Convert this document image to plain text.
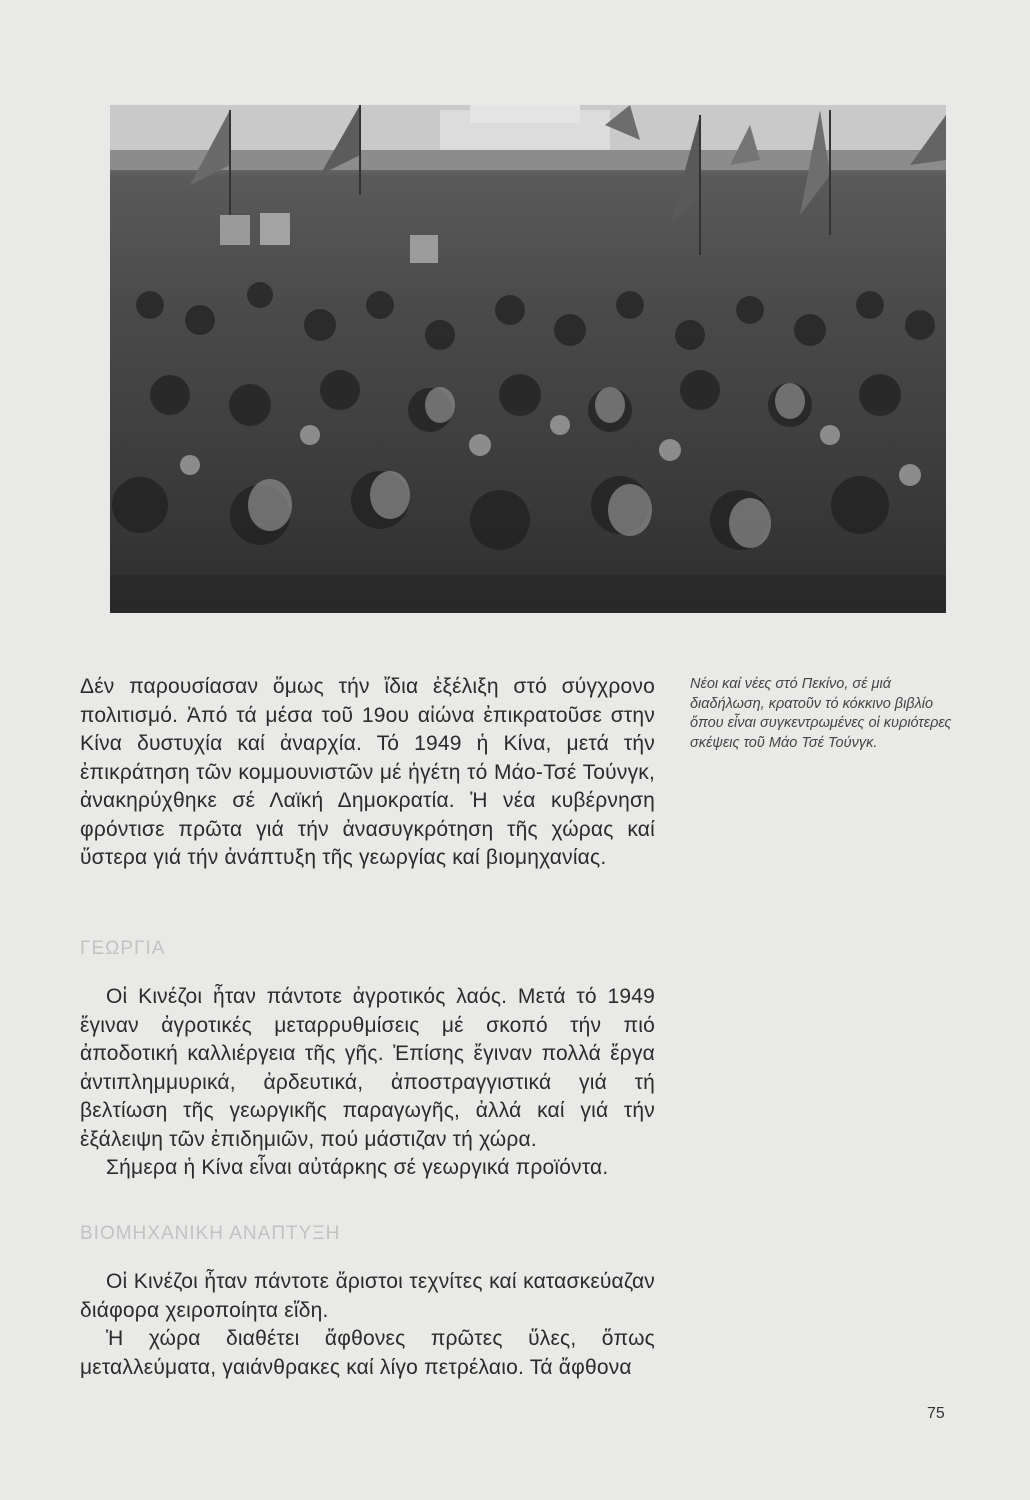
Δέν παρουσίασαν ὅμως τήν ἴδια ἐξέλιξη στό σύγχρονο πολιτισμό. Ἀπό τά μέσα τοῦ 19ου αἰώνα ἐπικρατοῦσε στην Κίνα δυστυχία καί ἀναρχία. Τό 1949 ἡ Κίνα, μετά τήν ἐπικράτηση τῶν κομμουνιστῶν μέ ἡγέτη τό Μάο-Τσέ Τούνγκ, ἀνακηρύχθηκε σέ Λαϊκή Δημοκρατία. Ἡ νέα κυβέρνηση φρόντισε πρῶτα γιά τήν ἀνασυγκρότηση τῆς χώρας καί ὕστερα γιά τήν ἀνάπτυξη τῆς γεωργίας καί βιομηχανίας.

Νέοι καί νέες στό Πεκίνο, σέ μιά διαδήλωση, κρατοῦν τό κόκκινο βιβλίο ὅπου εἶναι συγκεντρωμένες οἱ κυριότερες σκέψεις τοῦ Μάο Τσέ Τούνγκ.
ΓΕΩΡΓΙΑ

Οἱ Κινέζοι ἦταν πάντοτε ἀγροτικός λαός. Μετά τό 1949 ἔγιναν ἀγροτικές μεταρρυθμίσεις μέ σκοπό τήν πιό ἀποδοτική καλλιέργεια τῆς γῆς. Ἐπίσης ἔγιναν πολλά ἔργα ἀντιπλημμυρικά, ἀρδευτικά, ἀποστραγγιστικά γιά τή βελτίωση τῆς γεωργικῆς παραγωγῆς, ἀλλά καί γιά τήν ἐξάλειψη τῶν ἐπιδημιῶν, πού μάστιζαν τή χώρα.

Σήμερα ἡ Κίνα εἶναι αὐτάρκης σέ γεωργικά προϊόντα.

ΒΙΟΜΗΧΑΝΙΚΗ ΑΝΑΠΤΥΞΗ

Οἱ Κινέζοι ἦταν πάντοτε ἄριστοι τεχνίτες καί κατασκεύαζαν διάφορα χειροποίητα εἴδη.

Ἡ χώρα διαθέτει ἄφθονες πρῶτες ὕλες, ὅπως μεταλλεύματα, γαιάνθρακες καί λίγο πετρέλαιο. Τά ἄφθονα

75
